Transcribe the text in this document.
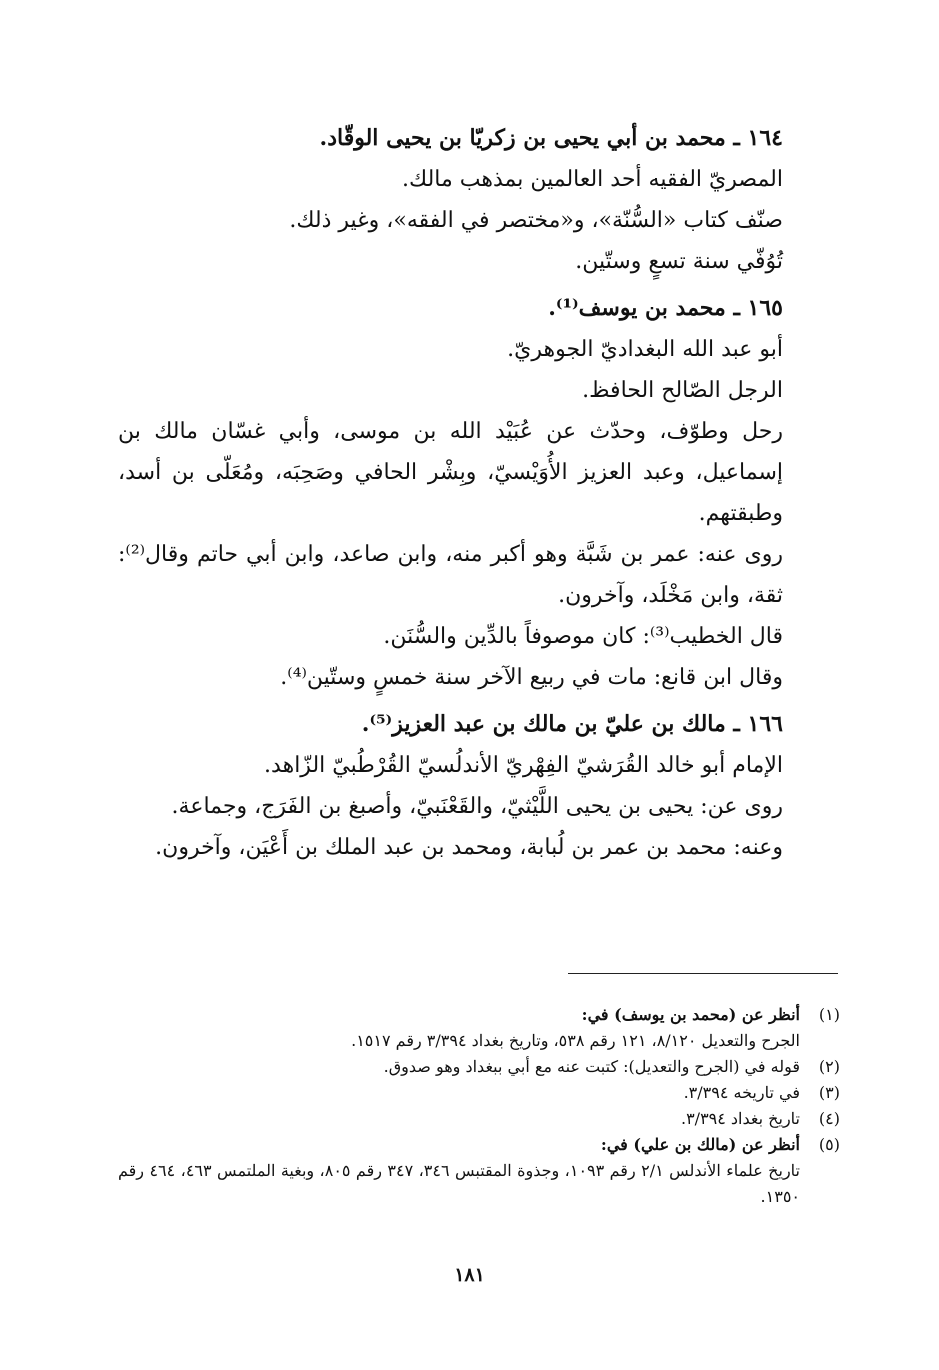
١٦٤ ـ محمد بن أبي يحيى بن زكريّا بن يحيى الوقّاد.

المصريّ الفقيه أحد العالمين بمذهب مالك.

صنّف كتاب «السُّنّة»، و«مختصر في الفقه»، وغير ذلك.

تُوُفّي سنة تسعٍ وستّين.

١٦٥ ـ محمد بن يوسف⁽¹⁾.

أبو عبد الله البغداديّ الجوهريّ.

الرجل الصّالح الحافظ.

رحل وطوّف، وحدّث عن عُبَيْد الله بن موسى، وأبي غسّان مالك بن إسماعيل، وعبد العزيز الأُوَيْسيّ، وبِشْر الحافي وصَحِبَه، ومُعَلّى بن أسد، وطبقتهم.

روى عنه: عمر بن شَبَّة وهو أكبر منه، وابن صاعد، وابن أبي حاتم وقال⁽²⁾: ثقة، وابن مَخْلَد، وآخرون.

قال الخطيب⁽³⁾: كان موصوفاً بالدِّين والسُّنَن.

وقال ابن قانع: مات في ربيع الآخر سنة خمسٍ وستّين⁽⁴⁾.

١٦٦ ـ مالك بن عليّ بن مالك بن عبد العزيز⁽⁵⁾.

الإمام أبو خالد القُرَشيّ الفِهْريّ الأندلُسيّ القُرْطُبيّ الزّاهد.

روى عن: يحيى بن يحيى اللَّيْثيّ، والقَعْنَبيّ، وأصبغ بن الفَرَج، وجماعة.

وعنه: محمد بن عمر بن لُبابة، ومحمد بن عبد الملك بن أَعْيَن، وآخرون.

(١)
أنظر عن (محمد بن يوسف) في:
الجرح والتعديل ٨/١٢٠، ١٢١ رقم ٥٣٨، وتاريخ بغداد ٣/٣٩٤ رقم ١٥١٧.
(٢)
قوله في (الجرح والتعديل): كتبت عنه مع أبي ببغداد وهو صدوق.
(٣)
في تاريخه ٣/٣٩٤.
(٤)
تاريخ بغداد ٣/٣٩٤.
(٥)
أنظر عن (مالك بن علي) في:
تاريخ علماء الأندلس ٢/١ رقم ١٠٩٣، وجذوة المقتبس ٣٤٦، ٣٤٧ رقم ٨٠٥، وبغية الملتمس ٤٦٣، ٤٦٤ رقم ١٣٥٠.
١٨١
